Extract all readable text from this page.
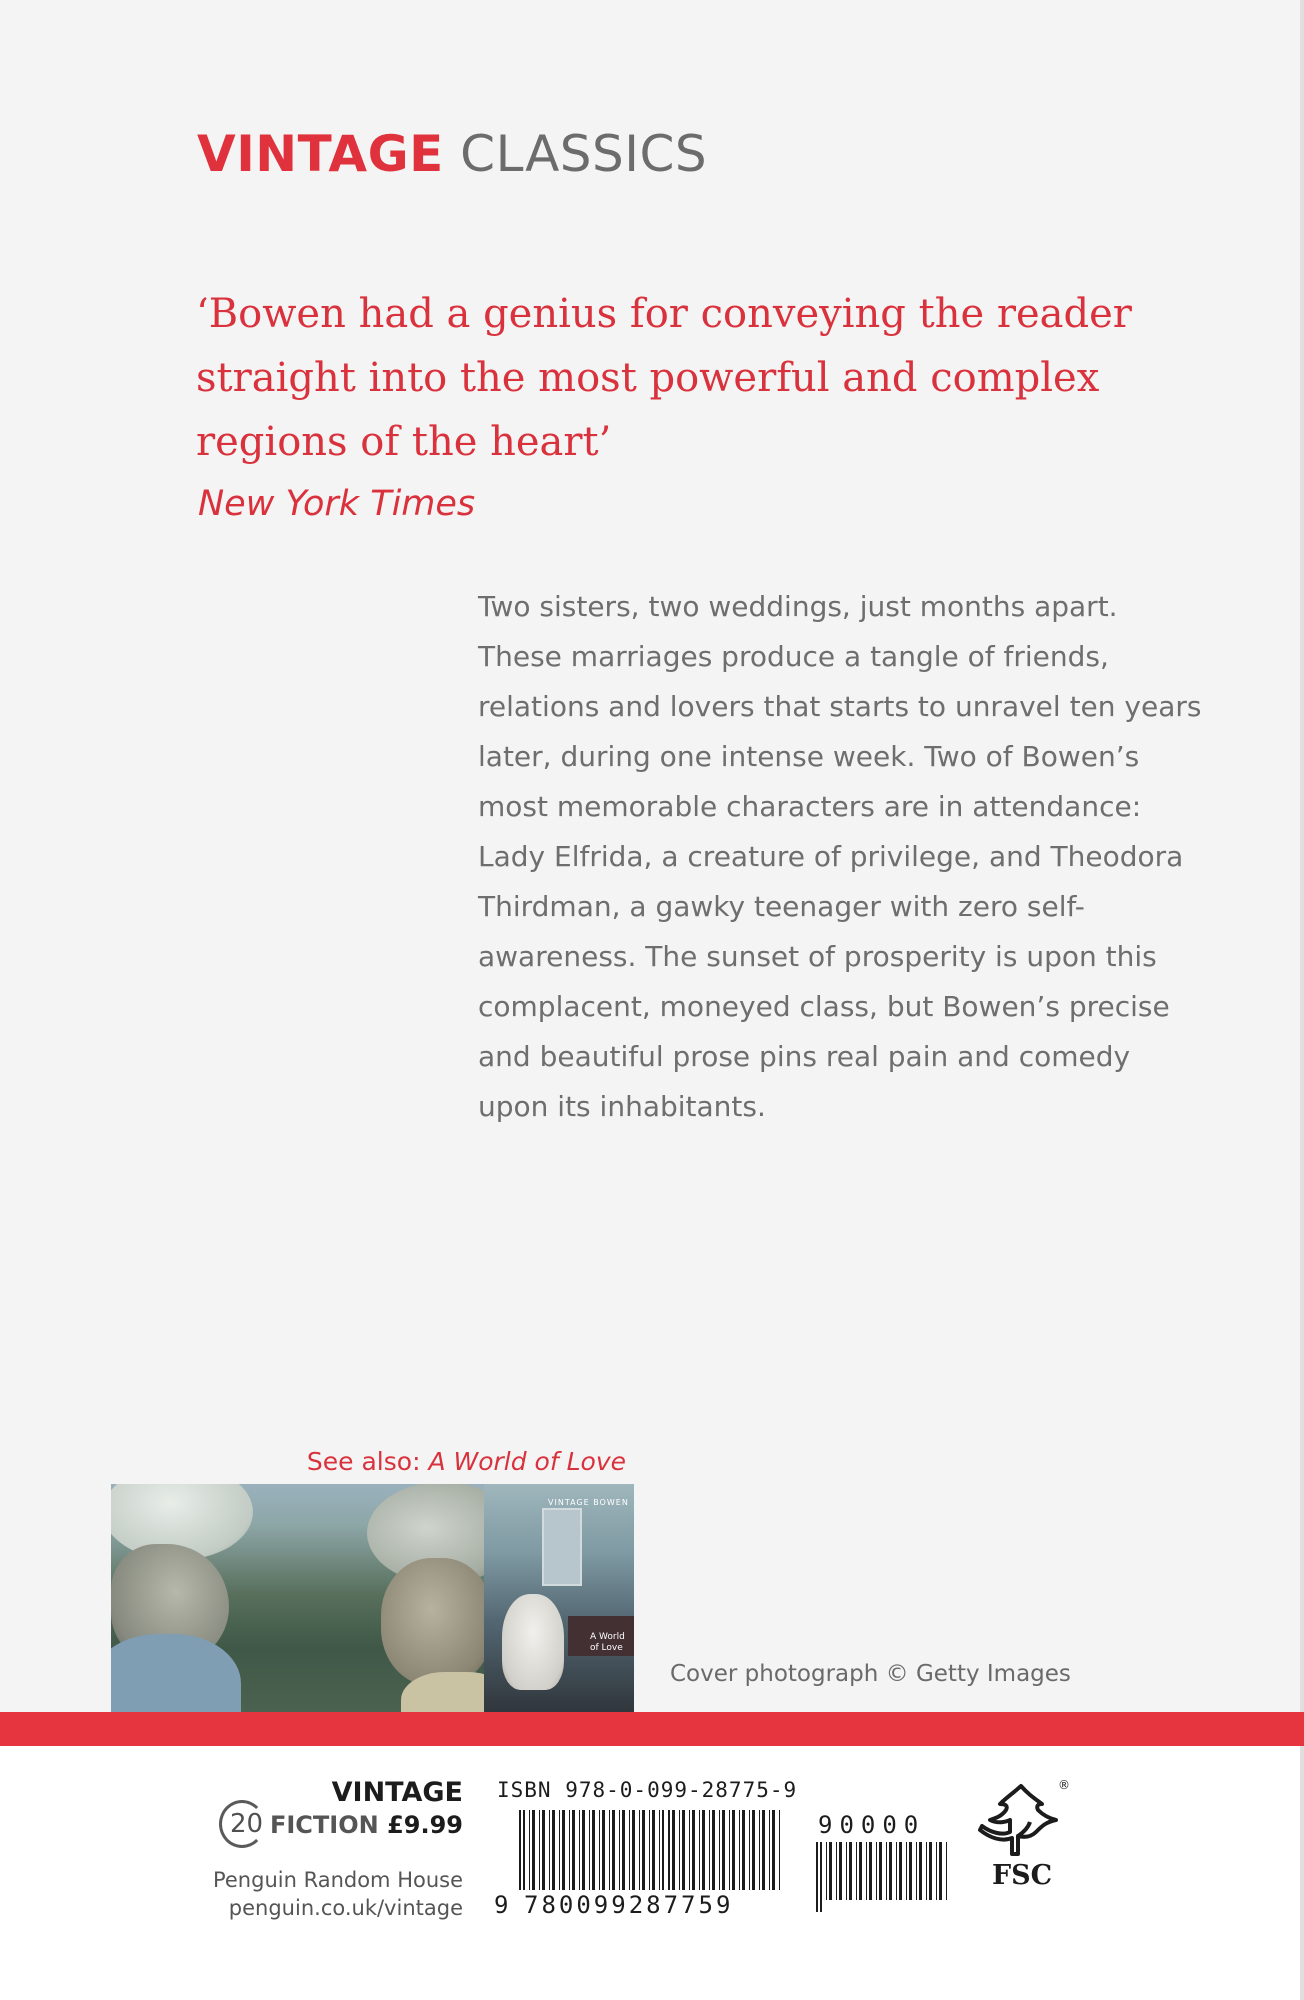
VINTAGE CLASSICS
‘Bowen had a genius for conveying the reader straight into the most powerful and complex regions of the heart’
New York Times

Two sisters, two weddings, just months apart.

These marriages produce a tangle of friends,

relations and lovers that starts to unravel ten years

later, during one intense week. Two of Bowen’s

most memorable characters are in attendance:

Lady Elfrida, a creature of privilege, and Theodora

Thirdman, a gawky teenager with zero self-

awareness. The sunset of prosperity is upon this

complacent, moneyed class, but Bowen’s precise

and beautiful prose pins real pain and comedy

upon its inhabitants.

See also: A World of Love
VINTAGE BOWEN
A World of Love
Cover photograph © Getty Images
20
VINTAGE
FICTION £9.99
Penguin Random House
penguin.co.uk/vintage
ISBN 978-0-099-28775-9
9 780099287759
90000
®
FSC
